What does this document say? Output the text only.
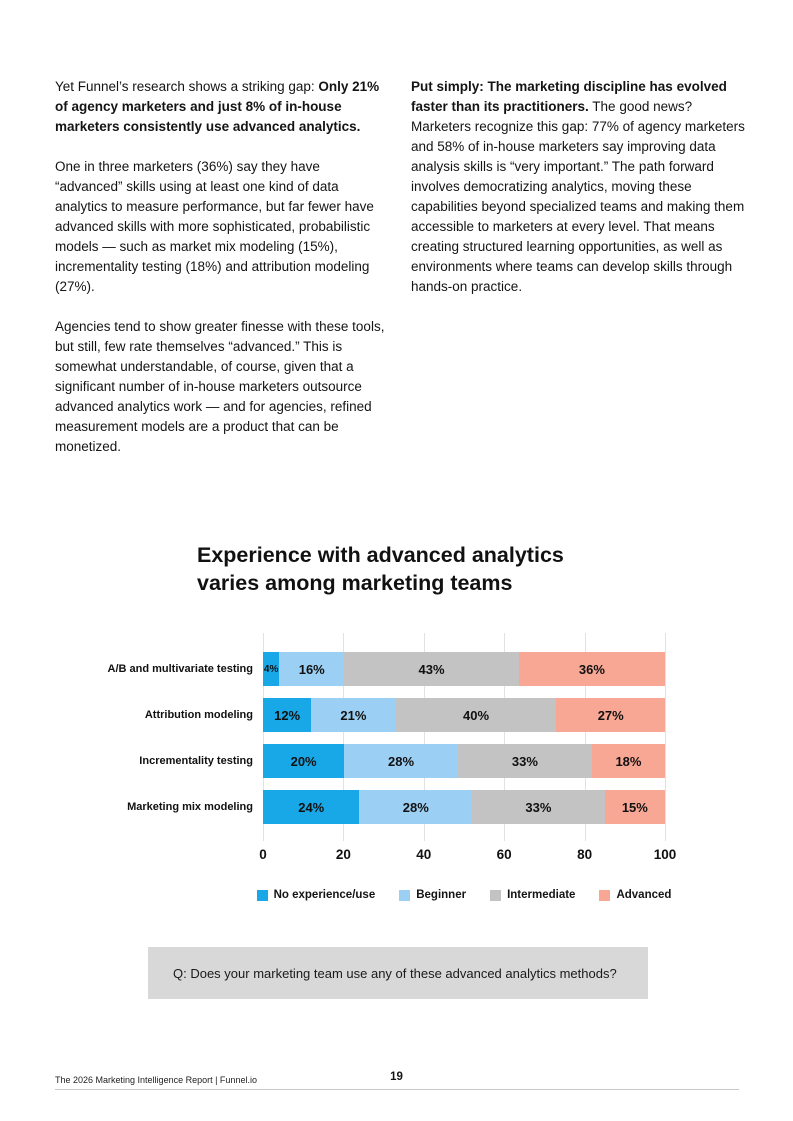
Yet Funnel’s research shows a striking gap: Only 21% of agency marketers and just 8% of in-house marketers consistently use advanced analytics.

One in three marketers (36%) say they have “advanced” skills using at least one kind of data analytics to measure performance, but far fewer have advanced skills with more sophisticated, probabilistic models — such as market mix modeling (15%), incrementality testing (18%) and attribution modeling (27%).

Agencies tend to show greater finesse with these tools, but still, few rate themselves “advanced.” This is somewhat understandable, of course, given that a significant number of in-house marketers outsource advanced analytics work — and for agencies, refined measurement models are a product that can be monetized.

Put simply: The marketing discipline has evolved faster than its practitioners. The good news? Marketers recognize this gap: 77% of agency marketers and 58% of in-house marketers say improving data analysis skills is “very important.” The path forward involves democratizing analytics, moving these capabilities beyond specialized teams and making them accessible to marketers at every level. That means creating structured learning opportunities, as well as environments where teams can develop skills through hands-on practice.

Experience with advanced analytics
varies among marketing teams
A/B and multivariate testing	4% 16%	43%	36%
Attribution modeling	12%	21%	40%	27%
Incrementality testing	20%	28%	33%	18%
Marketing mix modeling	24%	28%	33%	15%
0	20	40	60	80	100
No experience/use	Beginner	Intermediate	Advanced
Q: Does your marketing team use any of these advanced analytics methods?
The 2026 Marketing Intelligence Report | Funnel.io	19
